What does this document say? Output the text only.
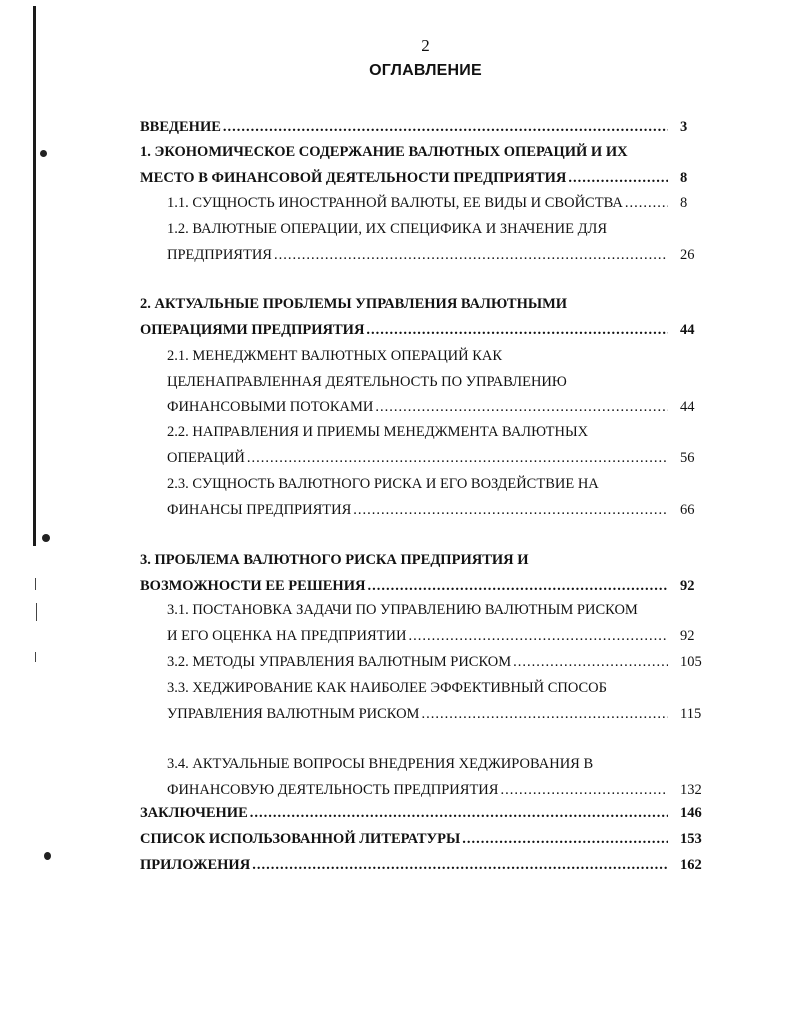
2
ОГЛАВЛЕНИЕ
3
ВВЕДЕНИЕ
.....
1. ЭКОНОМИЧЕСКОЕ СОДЕРЖАНИЕ ВАЛЮТНЫХ ОПЕРАЦИЙ И ИХ
8
МЕСТО В ФИНАНСОВОЙ ДЕЯТЕЛЬНОСТИ ПРЕДПРИЯТИЯ
.....
8
1.1. СУЩНОСТЬ ИНОСТРАННОЙ ВАЛЮТЫ, ЕЕ ВИДЫ И СВОЙСТВА
.....
1.2. ВАЛЮТНЫЕ ОПЕРАЦИИ, ИХ СПЕЦИФИКА И ЗНАЧЕНИЕ ДЛЯ
26
ПРЕДПРИЯТИЯ
.....
2. АКТУАЛЬНЫЕ ПРОБЛЕМЫ УПРАВЛЕНИЯ ВАЛЮТНЫМИ
44
ОПЕРАЦИЯМИ ПРЕДПРИЯТИЯ
.....
2.1. МЕНЕДЖМЕНТ ВАЛЮТНЫХ ОПЕРАЦИЙ КАК
ЦЕЛЕНАПРАВЛЕННАЯ ДЕЯТЕЛЬНОСТЬ ПО УПРАВЛЕНИЮ
44
ФИНАНСОВЫМИ ПОТОКАМИ
.....
2.2. НАПРАВЛЕНИЯ И ПРИЕМЫ МЕНЕДЖМЕНТА ВАЛЮТНЫХ
56
ОПЕРАЦИЙ
.....
2.3. СУЩНОСТЬ ВАЛЮТНОГО РИСКА И ЕГО ВОЗДЕЙСТВИЕ НА
66
ФИНАНСЫ ПРЕДПРИЯТИЯ
.....
3. ПРОБЛЕМА ВАЛЮТНОГО РИСКА ПРЕДПРИЯТИЯ И
92
ВОЗМОЖНОСТИ ЕЕ РЕШЕНИЯ
.....
3.1. ПОСТАНОВКА ЗАДАЧИ ПО УПРАВЛЕНИЮ ВАЛЮТНЫМ РИСКОМ
92
И ЕГО ОЦЕНКА НА ПРЕДПРИЯТИИ
.....
105
3.2. МЕТОДЫ УПРАВЛЕНИЯ ВАЛЮТНЫМ РИСКОМ
.....
3.3. ХЕДЖИРОВАНИЕ КАК НАИБОЛЕЕ ЭФФЕКТИВНЫЙ СПОСОБ
115
УПРАВЛЕНИЯ ВАЛЮТНЫМ РИСКОМ
.....
3.4. АКТУАЛЬНЫЕ ВОПРОСЫ ВНЕДРЕНИЯ ХЕДЖИРОВАНИЯ В
132
ФИНАНСОВУЮ ДЕЯТЕЛЬНОСТЬ ПРЕДПРИЯТИЯ
.....
146
ЗАКЛЮЧЕНИЕ
.....
153
СПИСОК ИСПОЛЬЗОВАННОЙ ЛИТЕРАТУРЫ
.....
162
ПРИЛОЖЕНИЯ
.....
